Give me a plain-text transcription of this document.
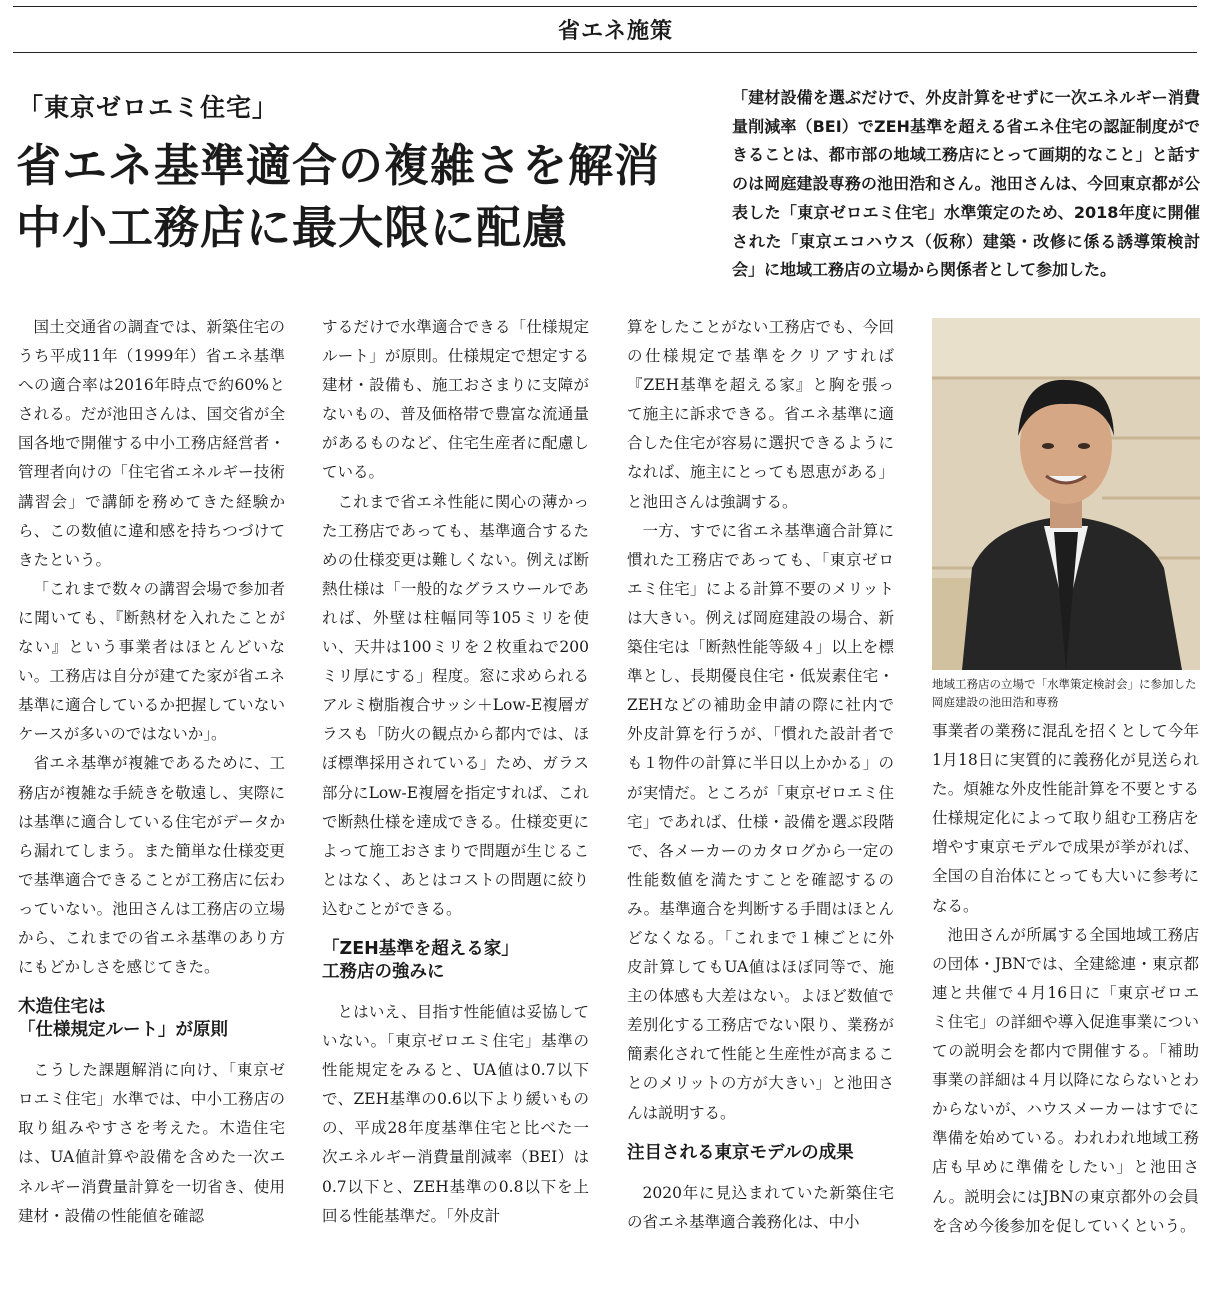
省エネ施策
「東京ゼロエミ住宅」
省エネ基準適合の複雑さを解消
中小工務店に最大限に配慮
「建材設備を選ぶだけで、外皮計算をせずに一次エネルギー消費量削減率（BEI）でZEH基準を超える省エネ住宅の認証制度ができることは、都市部の地域工務店にとって画期的なこと」と話すのは岡庭建設専務の池田浩和さん。池田さんは、今回東京都が公表した「東京ゼロエミ住宅」水準策定のため、2018年度に開催された「東京エコハウス（仮称）建築・改修に係る誘導策検討会」に地域工務店の立場から関係者として参加した。

国土交通省の調査では、新築住宅のうち平成11年（1999年）省エネ基準への適合率は2016年時点で約60%とされる。だが池田さんは、国交省が全国各地で開催する中小工務店経営者・管理者向けの「住宅省エネルギー技術講習会」で講師を務めてきた経験から、この数値に違和感を持ちつづけてきたという。

「これまで数々の講習会場で参加者に聞いても、『断熱材を入れたことがない』という事業者はほとんどいない。工務店は自分が建てた家が省エネ基準に適合しているか把握していないケースが多いのではないか」。

省エネ基準が複雑であるために、工務店が複雑な手続きを敬遠し、実際には基準に適合している住宅がデータから漏れてしまう。また簡単な仕様変更で基準適合できることが工務店に伝わっていない。池田さんは工務店の立場から、これまでの省エネ基準のあり方にもどかしさを感じてきた。

木造住宅は
「仕様規定ルート」が原則

こうした課題解消に向け、「東京ゼロエミ住宅」水準では、中小工務店の取り組みやすさを考えた。木造住宅は、UA値計算や設備を含めた一次エネルギー消費量計算を一切省き、使用建材・設備の性能値を確認

するだけで水準適合できる「仕様規定ルート」が原則。仕様規定で想定する建材・設備も、施工おさまりに支障がないもの、普及価格帯で豊富な流通量があるものなど、住宅生産者に配慮している。

これまで省エネ性能に関心の薄かった工務店であっても、基準適合するための仕様変更は難しくない。例えば断熱仕様は「一般的なグラスウールであれば、外壁は柱幅同等105ミリを使い、天井は100ミリを２枚重ねで200ミリ厚にする」程度。窓に求められるアルミ樹脂複合サッシ＋Low-E複層ガラスも「防火の観点から都内では、ほぼ標準採用されている」ため、ガラス部分にLow-E複層を指定すれば、これで断熱仕様を達成できる。仕様変更によって施工おさまりで問題が生じることはなく、あとはコストの問題に絞り込むことができる。

「ZEH基準を超える家」
工務店の強みに

とはいえ、目指す性能値は妥協していない。「東京ゼロエミ住宅」基準の性能規定をみると、UA値は0.7以下で、ZEH基準の0.6以下より緩いものの、平成28年度基準住宅と比べた一次エネルギー消費量削減率（BEI）は0.7以下と、ZEH基準の0.8以下を上回る性能基準だ。「外皮計

算をしたことがない工務店でも、今回の仕様規定で基準をクリアすれば『ZEH基準を超える家』と胸を張って施主に訴求できる。省エネ基準に適合した住宅が容易に選択できるようになれば、施主にとっても恩恵がある」と池田さんは強調する。

一方、すでに省エネ基準適合計算に慣れた工務店であっても、「東京ゼロエミ住宅」による計算不要のメリットは大きい。例えば岡庭建設の場合、新築住宅は「断熱性能等級４」以上を標準とし、長期優良住宅・低炭素住宅・ZEHなどの補助金申請の際に社内で外皮計算を行うが、「慣れた設計者でも１物件の計算に半日以上かかる」のが実情だ。ところが「東京ゼロエミ住宅」であれば、仕様・設備を選ぶ段階で、各メーカーのカタログから一定の性能数値を満たすことを確認するのみ。基準適合を判断する手間はほとんどなくなる。「これまで１棟ごとに外皮計算してもUA値はほぼ同等で、施主の体感も大差はない。よほど数値で差別化する工務店でない限り、業務が簡素化されて性能と生産性が高まることのメリットの方が大きい」と池田さんは説明する。

注目される東京モデルの成果

2020年に見込まれていた新築住宅の省エネ基準適合義務化は、中小

地域工務店の立場で「水準策定検討会」に参加した岡庭建設の池田浩和専務

事業者の業務に混乱を招くとして今年1月18日に実質的に義務化が見送られた。煩雑な外皮性能計算を不要とする仕様規定化によって取り組む工務店を増やす東京モデルで成果が挙がれば、全国の自治体にとっても大いに参考になる。

池田さんが所属する全国地域工務店の団体・JBNでは、全建総連・東京都連と共催で４月16日に「東京ゼロエミ住宅」の詳細や導入促進事業についての説明会を都内で開催する。「補助事業の詳細は４月以降にならないとわからないが、ハウスメーカーはすでに準備を始めている。われわれ地域工務店も早めに準備をしたい」と池田さん。説明会にはJBNの東京都外の会員を含め今後参加を促していくという。
